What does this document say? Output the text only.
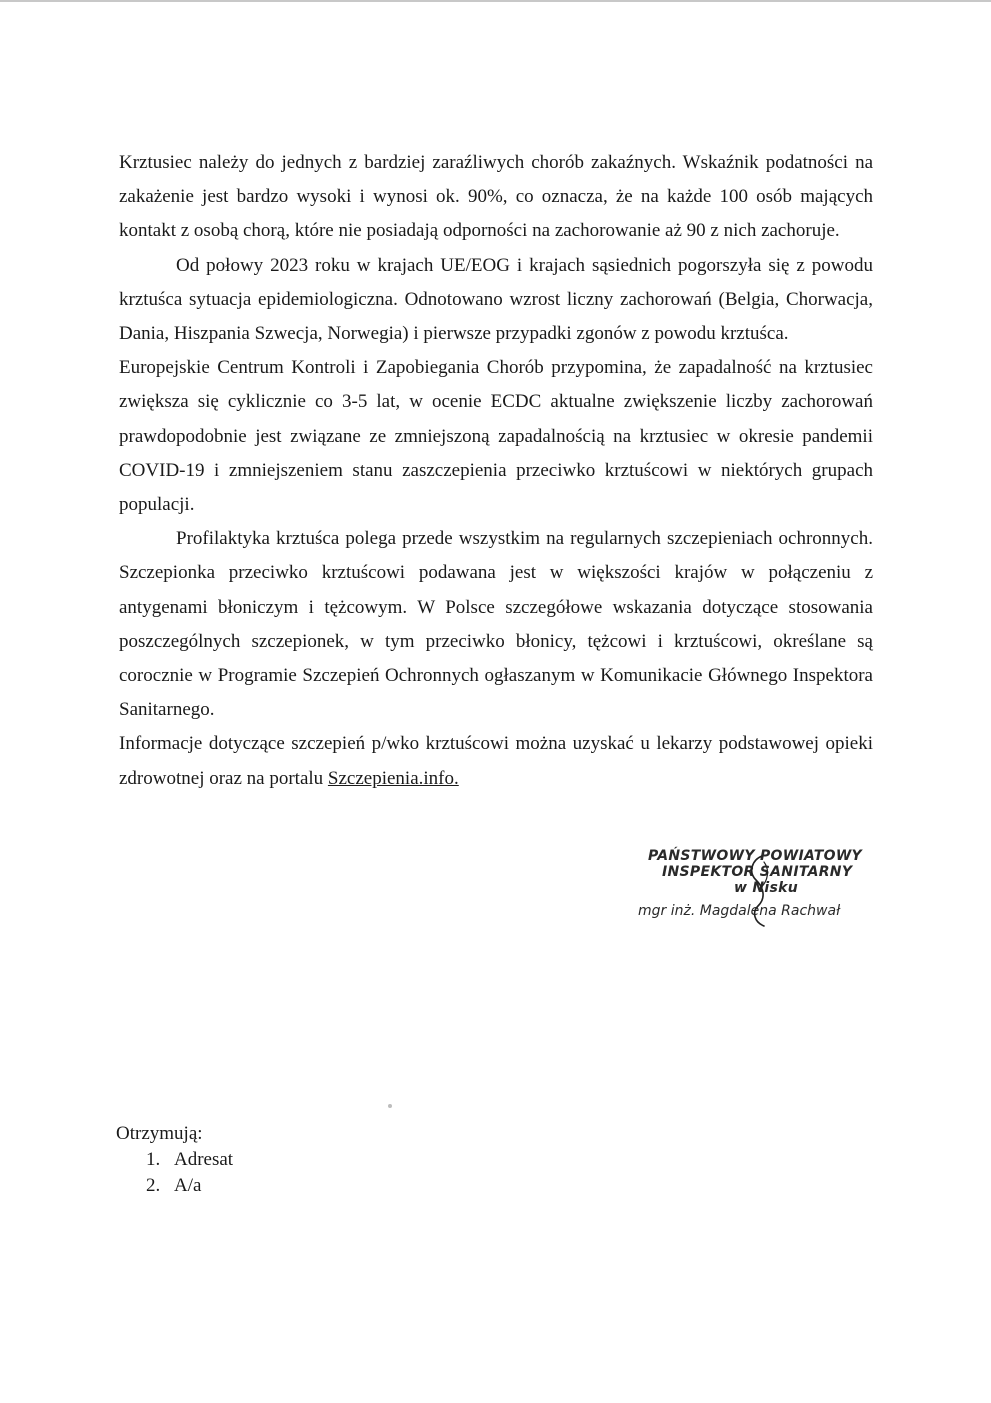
Krztusiec należy do jednych z bardziej zaraźliwych chorób zakaźnych. Wskaźnik podatności na zakażenie jest bardzo wysoki i wynosi ok. 90%, co oznacza, że na każde 100 osób mających kontakt z osobą chorą, które nie posiadają odporności na zachorowanie aż 90 z nich zachoruje.

Od połowy 2023 roku w krajach UE/EOG i krajach sąsiednich pogorszyła się z powodu krztuśca sytuacja epidemiologiczna. Odnotowano wzrost liczny zachorowań (Belgia, Chorwacja, Dania, Hiszpania Szwecja, Norwegia) i pierwsze przypadki zgonów z powodu krztuśca.

Europejskie Centrum Kontroli i Zapobiegania Chorób przypomina, że zapadalność na krztusiec zwiększa się cyklicznie co 3-5 lat, w ocenie ECDC aktualne zwiększenie liczby zachorowań prawdopodobnie jest związane ze zmniejszoną zapadalnością na krztusiec w okresie pandemii COVID-19 i zmniejszeniem stanu zaszczepienia przeciwko krztuścowi w niektórych grupach populacji.

Profilaktyka krztuśca polega przede wszystkim na regularnych szczepieniach ochronnych. Szczepionka przeciwko krztuścowi podawana jest w większości krajów w połączeniu z antygenami błoniczym i tężcowym. W Polsce szczegółowe wskazania dotyczące stosowania poszczególnych szczepionek, w tym przeciwko błonicy, tężcowi i krztuścowi, określane są corocznie w Programie Szczepień Ochronnych ogłaszanym w Komunikacie Głównego Inspektora Sanitarnego.

Informacje dotyczące szczepień p/wko krztuścowi można uzyskać u lekarzy podstawowej opieki zdrowotnej oraz na portalu Szczepienia.info.

PAŃSTWOWY POWIATOWY
INSPEKTOR SANITARNY
w Nisku
mgr inż. Magdalena Rachwał
Otrzymują:
1. Adresat
2. A/a
